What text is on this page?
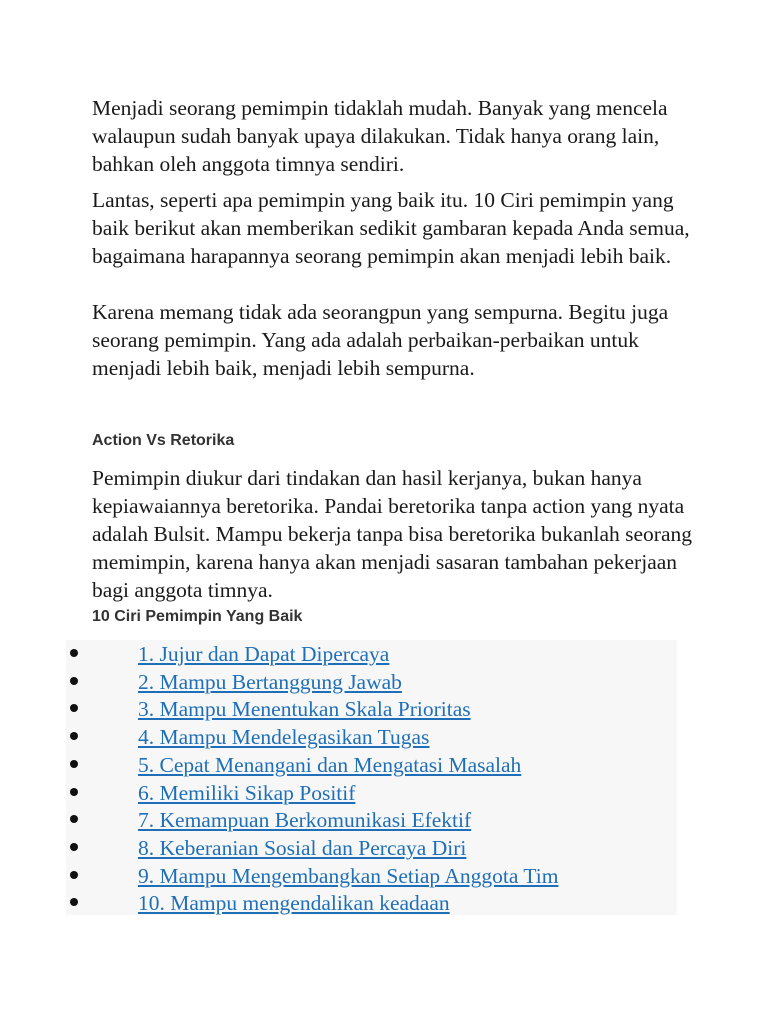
Menjadi seorang pemimpin tidaklah mudah. Banyak yang mencela walaupun sudah banyak upaya dilakukan. Tidak hanya orang lain, bahkan oleh anggota timnya sendiri.

Lantas, seperti apa pemimpin yang baik itu. 10 Ciri pemimpin yang baik berikut akan memberikan sedikit gambaran kepada Anda semua, bagaimana harapannya seorang pemimpin akan menjadi lebih baik.

Karena memang tidak ada seorangpun yang sempurna. Begitu juga seorang pemimpin. Yang ada adalah perbaikan-perbaikan untuk menjadi lebih baik, menjadi lebih sempurna.

Action Vs Retorika

Pemimpin diukur dari tindakan dan hasil kerjanya, bukan hanya kepiawaiannya beretorika. Pandai beretorika tanpa action yang nyata adalah Bulsit. Mampu bekerja tanpa bisa beretorika bukanlah seorang memimpin, karena hanya akan menjadi sasaran tambahan pekerjaan bagi anggota timnya.

10 Ciri Pemimpin Yang Baik
1. Jujur dan Dapat Dipercaya
2. Mampu Bertanggung Jawab
3. Mampu Menentukan Skala Prioritas
4. Mampu Mendelegasikan Tugas
5. Cepat Menangani dan Mengatasi Masalah
6. Memiliki Sikap Positif
7. Kemampuan Berkomunikasi Efektif
8. Keberanian Sosial dan Percaya Diri
9. Mampu Mengembangkan Setiap Anggota Tim
10. Mampu mengendalikan keadaan
